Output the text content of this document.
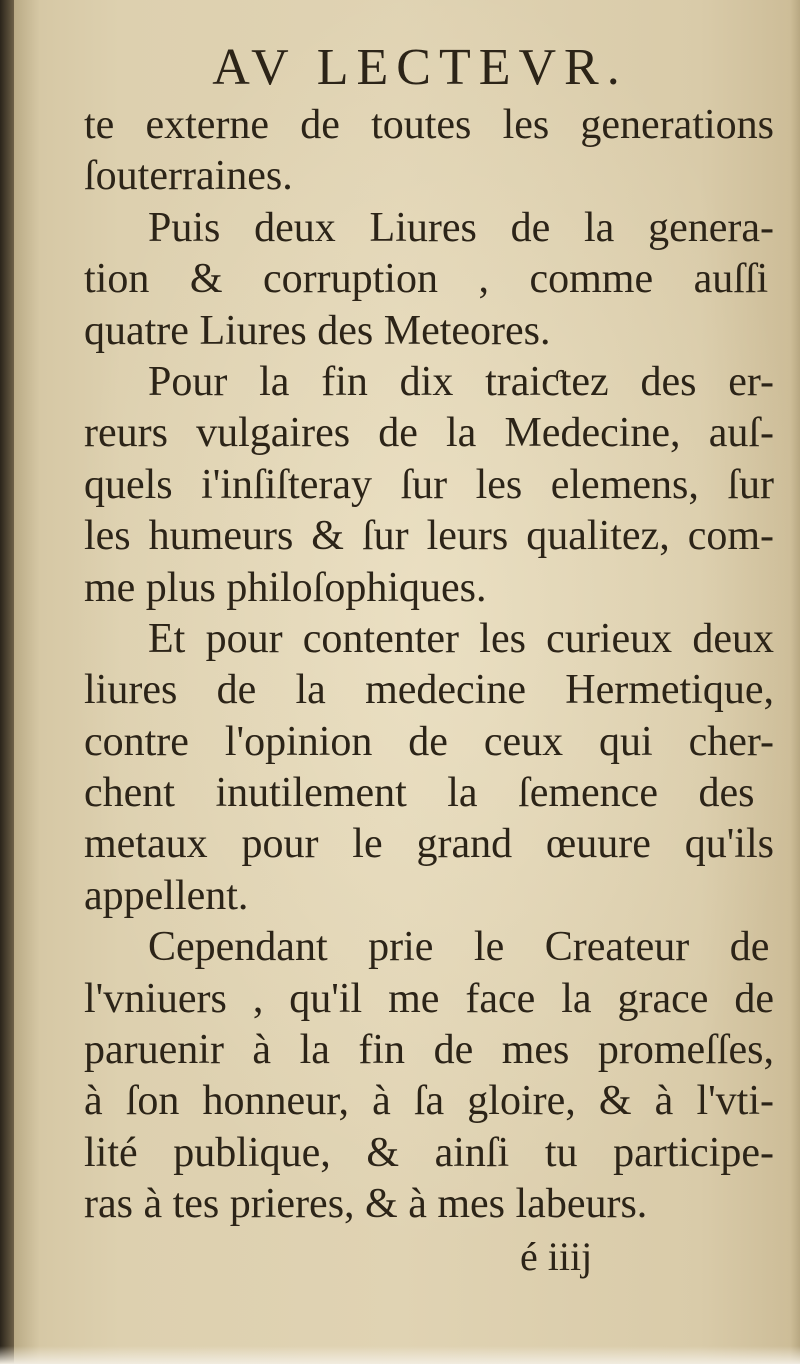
AV LECTEVR.
te externe de toutes les generations
ſouterraines.
Puis deux Liures de la genera-
tion & corruption , comme auſſi
quatre Liures des Meteores.
Pour la fin dix traiƈtez des er-
reurs vulgaires de la Medecine, auſ-
quels i'inſiſteray ſur les elemens, ſur
les humeurs & ſur leurs qualitez, com-
me plus philoſophiques.
Et pour contenter les curieux deux
liures de la medecine Hermetique,
contre l'opinion de ceux qui cher-
chent inutilement la ſemence des
metaux pour le grand œuure qu'ils
appellent.
Cependant prie le Createur de
l'vniuers , qu'il me face la grace de
paruenir à la fin de mes promeſſes,
à ſon honneur, à ſa gloire, & à l'vti-
lité publique, & ainſi tu participe-
ras à tes prieres, & à mes labeurs.
é iiij
